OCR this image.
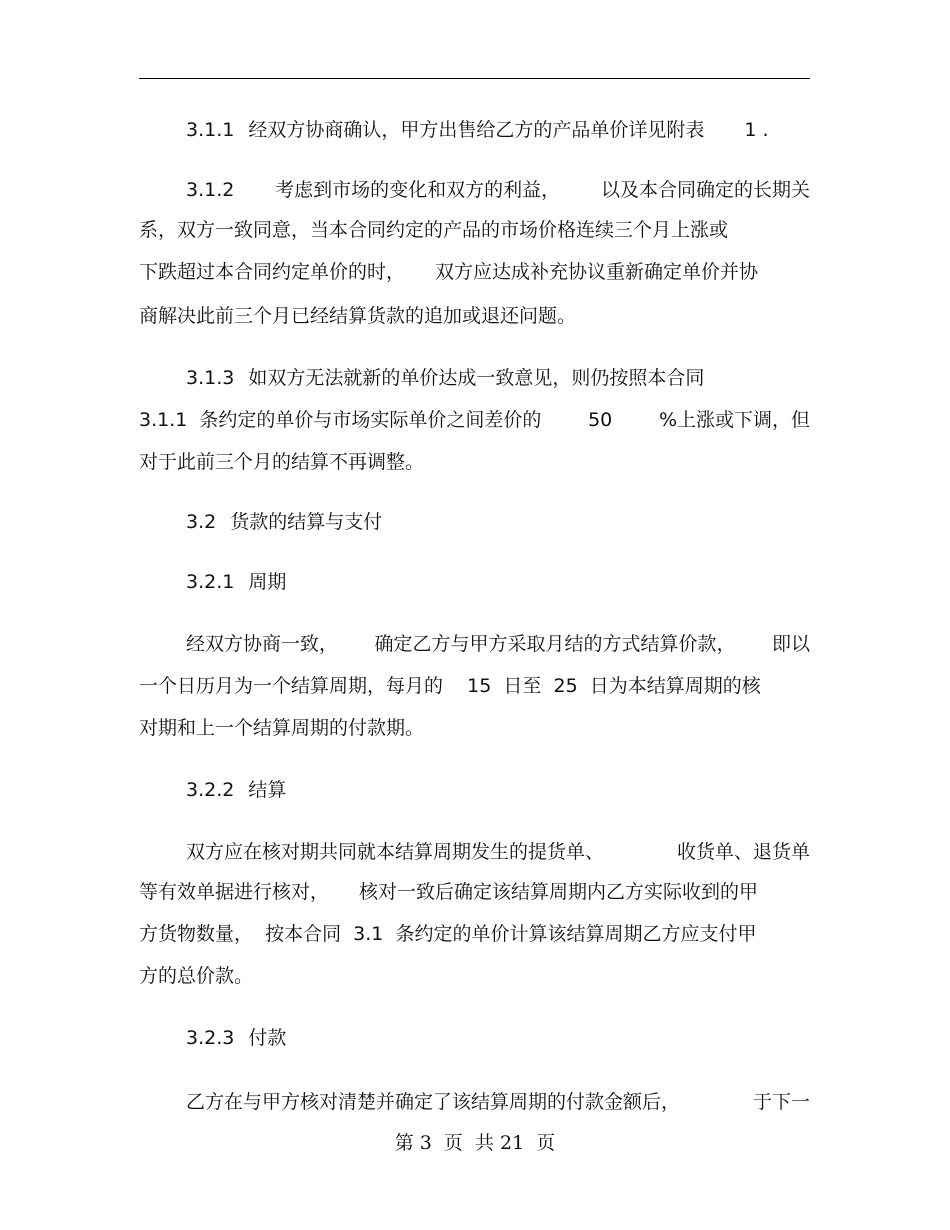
3.1.1 经双方协商确认，甲方出售给乙方的产品单价详见附表 1 .
3.1.2 考虑到市场的变化和双方的利益， 以及本合同确定的长期关
系，双方一致同意，当本合同约定的产品的市场价格连续三个月上涨或
下跌超过本合同约定单价的时， 双方应达成补充协议重新确定单价并协
商解决此前三个月已经结算货款的追加或退还问题。
3.1.3 如双方无法就新的单价达成一致意见，则仍按照本合同
3.1.1  条约定的单价与市场实际单价之间差价的 50 %上涨或下调，但
对于此前三个月的结算不再调整。
3.2 货款的结算与支付
3.2.1 周期
经双方协商一致， 确定乙方与甲方采取月结的方式结算价款， 即以
一个日历月为一个结算周期，每月的    15  日至  25  日为本结算周期的核
对期和上一个结算周期的付款期。
3.2.2 结算
双方应在核对期共同就本结算周期发生的提货单、	收货单、退货单
等有效单据进行核对， 核对一致后确定该结算周期内乙方实际收到的甲
方货物数量，  按本合同  3.1  条约定的单价计算该结算周期乙方应支付甲
方的总价款。
3.2.3 付款
乙方在与甲方核对清楚并确定了该结算周期的付款金额后，	于下一
第 3  页  共 21  页
